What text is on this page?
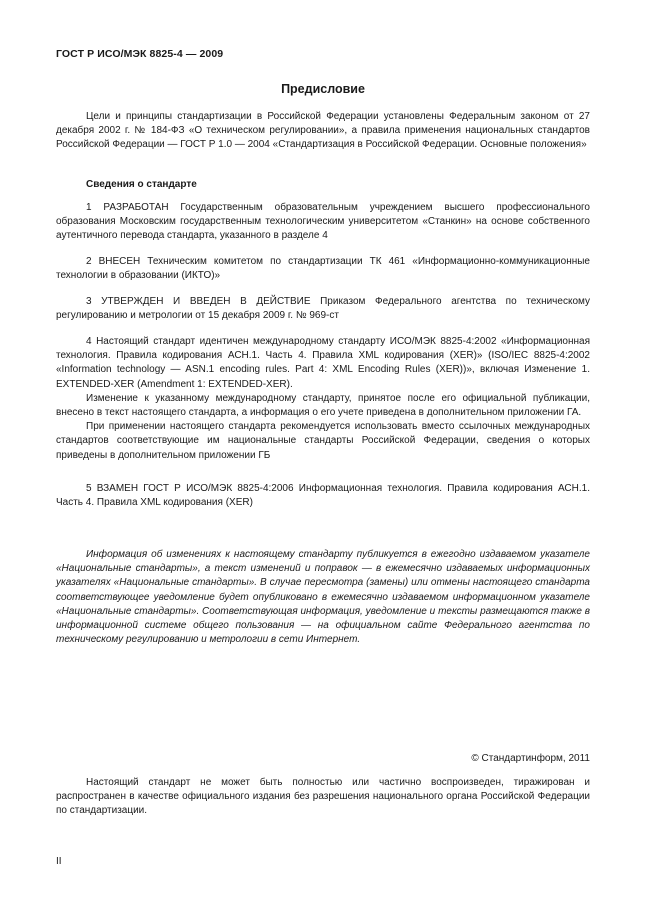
ГОСТ Р ИСО/МЭК 8825-4 — 2009
Предисловие

Цели и принципы стандартизации в Российской Федерации установлены Федеральным законом от 27 декабря 2002 г. № 184-ФЗ «О техническом регулировании», а правила применения национальных стандартов Российской Федерации — ГОСТ Р 1.0 — 2004 «Стандартизация в Российской Федерации. Основные положения»

Сведения о стандарте

1 РАЗРАБОТАН Государственным образовательным учреждением высшего профессионального образования Московским государственным технологическим университетом «Станкин» на основе собственного аутентичного перевода стандарта, указанного в разделе 4

2 ВНЕСЕН Техническим комитетом по стандартизации ТК 461 «Информационно-коммуникационные технологии в образовании (ИКТО)»

3 УТВЕРЖДЕН И ВВЕДЕН В ДЕЙСТВИЕ Приказом Федерального агентства по техническому регулированию и метрологии от 15 декабря 2009 г. № 969-ст

4 Настоящий стандарт идентичен международному стандарту ИСО/МЭК 8825-4:2002 «Информационная технология. Правила кодирования АСН.1. Часть 4. Правила XML кодирования (XER)» (ISO/IEC 8825-4:2002 «Information technology — ASN.1 encoding rules. Part 4: XML Encoding Rules (XER))», включая Изменение 1. EXTENDED-XER (Amendment 1: EXTENDED-XER).

Изменение к указанному международному стандарту, принятое после его официальной публикации, внесено в текст настоящего стандарта, а информация о его учете приведена в дополнительном приложении ГА.

При применении настоящего стандарта рекомендуется использовать вместо ссылочных международных стандартов соответствующие им национальные стандарты Российской Федерации, сведения о которых приведены в дополнительном приложении ГБ

5 ВЗАМЕН ГОСТ Р ИСО/МЭК 8825-4:2006 Информационная технология. Правила кодирования АСН.1. Часть 4. Правила XML кодирования (XER)

Информация об изменениях к настоящему стандарту публикуется в ежегодно издаваемом указателе «Национальные стандарты», а текст изменений и поправок — в ежемесячно издаваемых информационных указателях «Национальные стандарты». В случае пересмотра (замены) или отмены настоящего стандарта соответствующее уведомление будет опубликовано в ежемесячно издаваемом информационном указателе «Национальные стандарты». Соответствующая информация, уведомление и тексты размещаются также в информационной системе общего пользования — на официальном сайте Федерального агентства по техническому регулированию и метрологии в сети Интернет.

© Стандартинформ, 2011

Настоящий стандарт не может быть полностью или частично воспроизведен, тиражирован и распространен в качестве официального издания без разрешения национального органа Российской Федерации по стандартизации.

II
